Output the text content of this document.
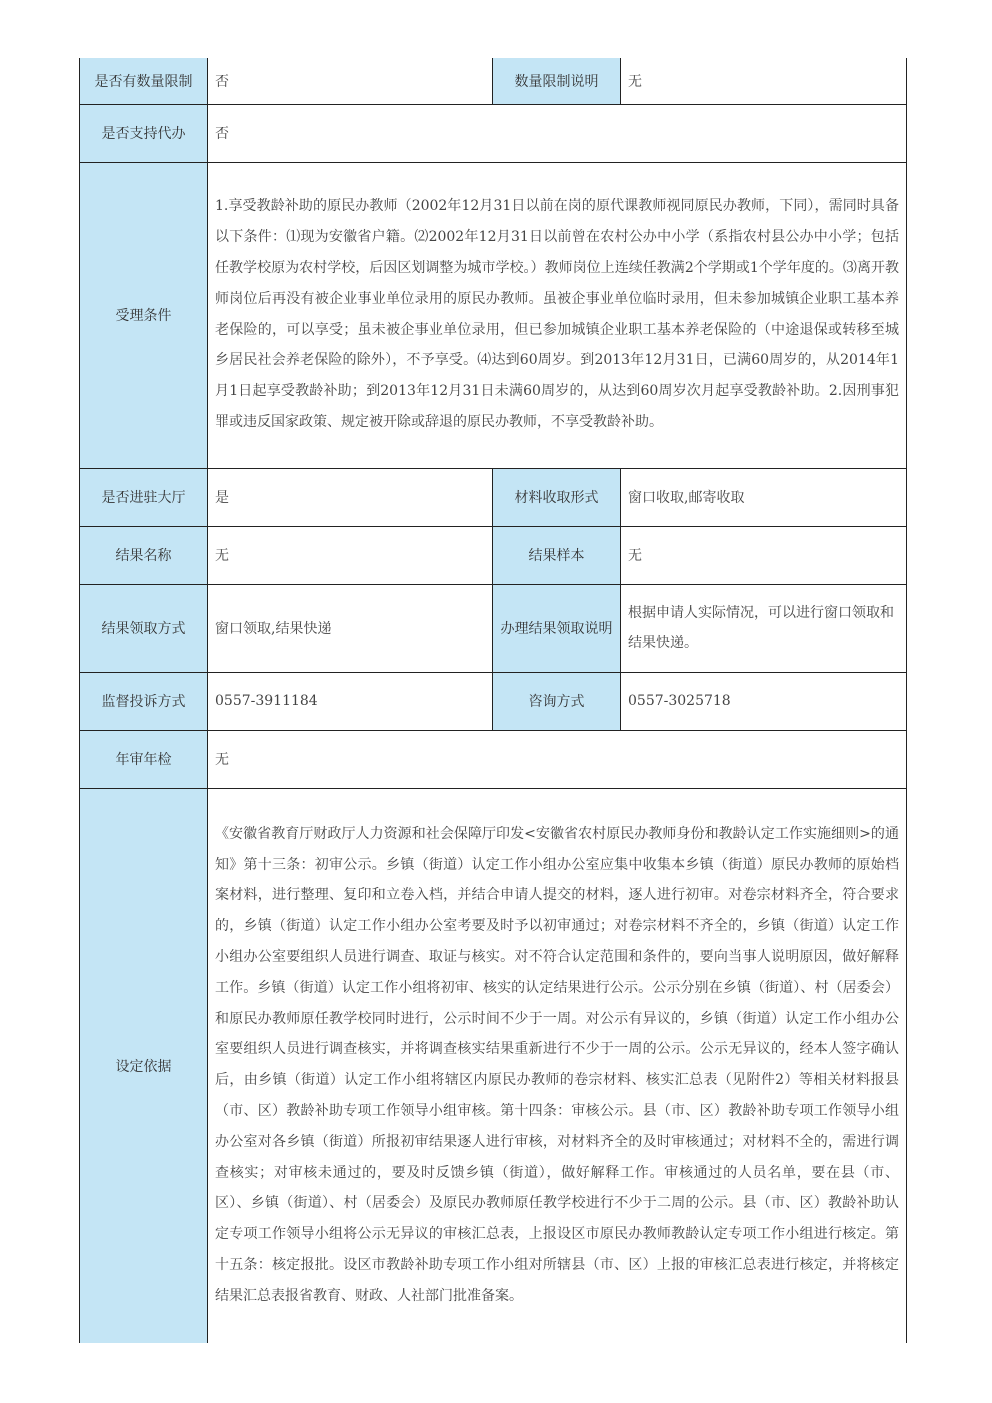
是否有数量限制	否	数量限制说明	无
是否支持代办	否		
受理条件	1.享受教龄补助的原民办教师（2002年12月31日以前在岗的原代课教师视同原民办教师，下同），需同时具备以下条件：⑴现为安徽省户籍。⑵2002年12月31日以前曾在农村公办中小学（系指农村县公办中小学；包括任教学校原为农村学校，后因区划调整为城市学校。）教师岗位上连续任教满2个学期或1个学年度的。⑶离开教师岗位后再没有被企业事业单位录用的原民办教师。虽被企事业单位临时录用，但未参加城镇企业职工基本养老保险的，可以享受；虽未被企事业单位录用，但已参加城镇企业职工基本养老保险的（中途退保或转移至城乡居民社会养老保险的除外），不予享受。⑷达到60周岁。到2013年12月31日，已满60周岁的，从2014年1月1日起享受教龄补助；到2013年12月31日未满60周岁的，从达到60周岁次月起享受教龄补助。2.因刑事犯罪或违反国家政策、规定被开除或辞退的原民办教师，不享受教龄补助。		
是否进驻大厅	是	材料收取形式	窗口收取,邮寄收取
结果名称	无	结果样本	无
结果领取方式	窗口领取,结果快递	办理结果领取说明	根据申请人实际情况，可以进行窗口领取和结果快递。
监督投诉方式	0557-3911184	咨询方式	0557-3025718
年审年检	无		
设定依据	《安徽省教育厅财政厅人力资源和社会保障厅印发<安徽省农村原民办教师身份和教龄认定工作实施细则>的通知》第十三条：初审公示。乡镇（街道）认定工作小组办公室应集中收集本乡镇（街道）原民办教师的原始档案材料，进行整理、复印和立卷入档，并结合申请人提交的材料，逐人进行初审。对卷宗材料齐全，符合要求的，乡镇（街道）认定工作小组办公室考要及时予以初审通过；对卷宗材料不齐全的，乡镇（街道）认定工作小组办公室要组织人员进行调查、取证与核实。对不符合认定范围和条件的，要向当事人说明原因，做好解释工作。乡镇（街道）认定工作小组将初审、核实的认定结果进行公示。公示分别在乡镇（街道）、村（居委会）和原民办教师原任教学校同时进行，公示时间不少于一周。对公示有异议的，乡镇（街道）认定工作小组办公室要组织人员进行调查核实，并将调查核实结果重新进行不少于一周的公示。公示无异议的，经本人签字确认后，由乡镇（街道）认定工作小组将辖区内原民办教师的卷宗材料、核实汇总表（见附件2）等相关材料报县（市、区）教龄补助专项工作领导小组审核。第十四条：审核公示。县（市、区）教龄补助专项工作领导小组办公室对各乡镇（街道）所报初审结果逐人进行审核，对材料齐全的及时审核通过；对材料不全的，需进行调查核实；对审核未通过的，要及时反馈乡镇（街道），做好解释工作。审核通过的人员名单，要在县（市、区）、乡镇（街道）、村（居委会）及原民办教师原任教学校进行不少于二周的公示。县（市、区）教龄补助认定专项工作领导小组将公示无异议的审核汇总表，上报设区市原民办教师教龄认定专项工作小组进行核定。第十五条：核定报批。设区市教龄补助专项工作小组对所辖县（市、区）上报的审核汇总表进行核定，并将核定结果汇总表报省教育、财政、人社部门批准备案。		
